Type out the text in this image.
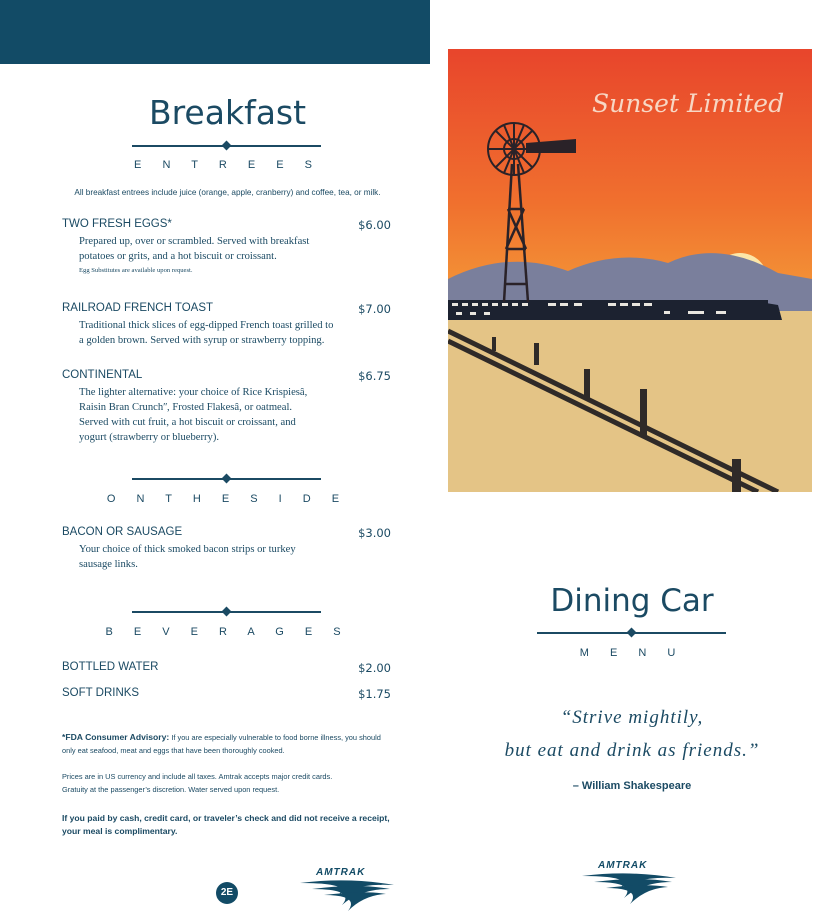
Breakfast
E N T R E E S
All breakfast entrees include juice (orange, apple, cranberry) and coffee, tea, or milk.
TWO FRESH EGGS*	$6.00
Prepared up, over or scrambled. Served with breakfast
potatoes or grits, and a hot biscuit or croissant.
Egg Substitutes are available upon request.
RAILROAD FRENCH TOAST	$7.00
Traditional thick slices of egg-dipped French toast grilled to
a golden brown. Served with syrup or strawberry topping.
CONTINENTAL	$6.75
The lighter alternative: your choice of Rice Krispiesâ,
Raisin Bran Crunchʺ, Frosted Flakesâ, or oatmeal.
Served with cut fruit, a hot biscuit or croissant, and
yogurt (strawberry or blueberry).
O N T H E S I D E
BACON OR SAUSAGE	$3.00
Your choice of thick smoked bacon strips or turkey
sausage links.
B E V E R A G E S
BOTTLED WATER	$2.00
SOFT DRINKS	$1.75
*FDA Consumer Advisory: If you are especially vulnerable to food borne illness, you should
only eat seafood, meat and eggs that have been thoroughly cooked.
Prices are in US currency and include all taxes. Amtrak accepts major credit cards.
Gratuity at the passenger’s discretion. Water served upon request.
If you paid by cash, credit card, or traveler’s check and did not receive a receipt,
your meal is complimentary.
2E
AMTRAK
Sunset Limited
Dining Car
M E N U
“Strive mightily,
but eat and drink as friends.”
– William Shakespeare
AMTRAK
